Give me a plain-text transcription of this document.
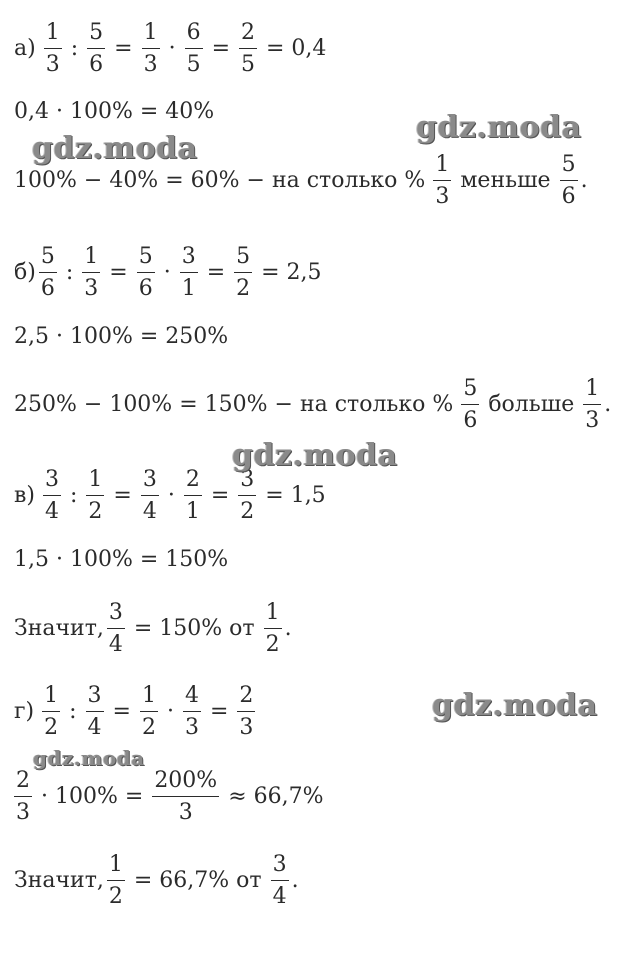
$а) \frac{1}{3}$ : $\frac{5}{6} = \frac{1}{3} \cdot \frac{6}{5} = \frac{2}{5} = 0,4$
0,4 · 100% = 40%
100% − 40% = 60% − на столько % $\frac{1}{3}$ меньше $\frac{5}{6}$ .
$б) \frac{5}{6}$ : $\frac{1}{3} = \frac{5}{6} \cdot \frac{3}{1} = \frac{5}{2} = 2,5$
2,5 · 100% = 250%
250% − 100% = 150% − на столько % $\frac{5}{6}$ больше $\frac{1}{3}$ .
$в) \frac{3}{4}$ : $\frac{1}{2} = \frac{3}{4} \cdot \frac{2}{1} = \frac{3}{2} = 1,5$
1,5 · 100% = 150%
Значит, $\frac{3}{4} = 150\%$ от $\frac{1}{2}$ .
$г) \frac{1}{2}$ : $\frac{3}{4} = \frac{1}{2} \cdot \frac{4}{3} = \frac{2}{3}$
$\frac{2}{3} \cdot 100\% = \frac{200\%}{3} \approx 66,7\%$
Значит, $\frac{1}{2} = 66,7\%$ от $\frac{3}{4}$ .
gdz.moda
gdz.moda
gdz.moda
gdz.moda
gdz.moda
